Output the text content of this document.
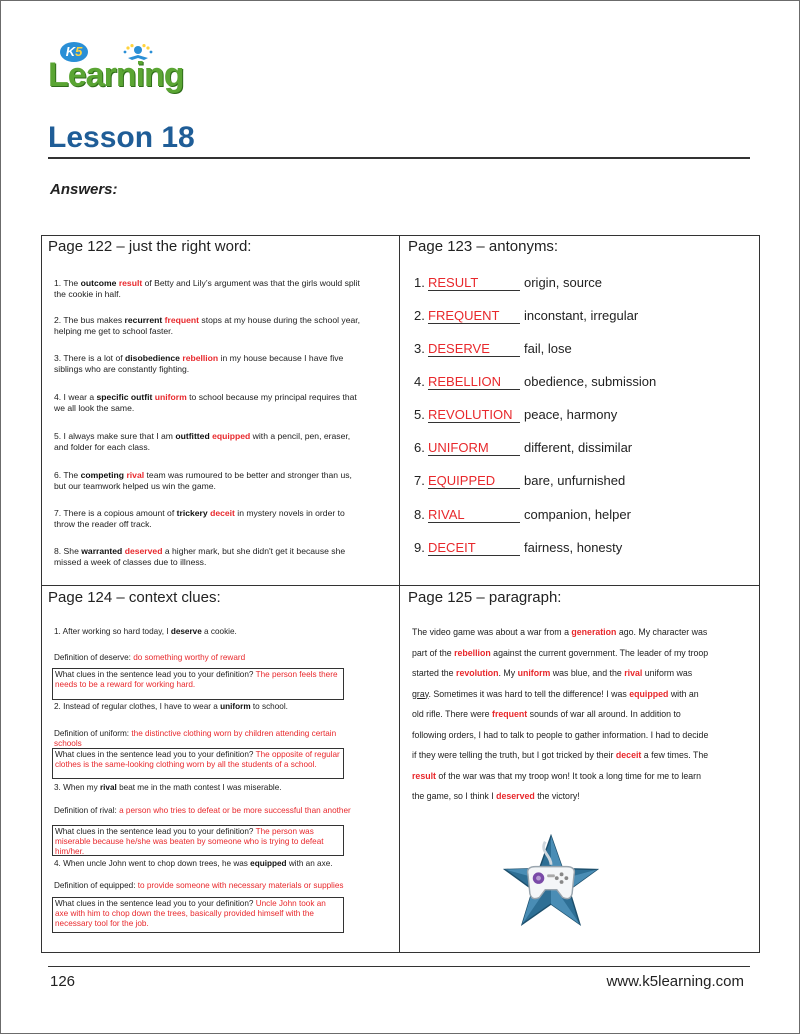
K5
Learning
Lesson 18
Answers:
Page 122 – just the right word:	Page 123 – antonyms:
Page 124 – context clues:	Page 125 – paragraph:
1. The outcome result of Betty and Lily’s argument was that the girls would split the cookie in half.
2. The bus makes recurrent frequent stops at my house during the school year, helping me get to school faster.
3. There is a lot of disobedience rebellion in my house because I have five siblings who are constantly fighting.
4. I wear a specific outfit uniform to school because my principal requires that we all look the same.
5. I always make sure that I am outfitted equipped with a pencil, pen, eraser, and folder for each class.
6. The competing rival team was rumoured to be better and stronger than us, but our teamwork helped us win the game.
7. There is a copious amount of trickery deceit in mystery novels in order to throw the reader off track.
8. She warranted deserved a higher mark, but she didn't get it because she missed a week of classes due to illness.
1. RESULT	origin, source
2. FREQUENT inconstant, irregular
3. DESERVE	fail, lose
4. REBELLION obedience, submission
5. REVOLUTION peace, harmony
6. UNIFORM	different, dissimilar
7. EQUIPPED bare, unfurnished
8. RIVAL	companion, helper
9. DECEIT	fairness, honesty
1. After working so hard today, I deserve a cookie.
Definition of deserve: do something worthy of reward
What clues in the sentence lead you to your definition? The person feels there needs to be a reward for working hard.
2. Instead of regular clothes, I have to wear a uniform to school.
Definition of uniform: the distinctive clothing worn by children attending certain schools
What clues in the sentence lead you to your definition? The opposite of regular clothes is the same-looking clothing worn by all the students of a school.
3. When my rival beat me in the math contest I was miserable.
Definition of rival: a person who tries to defeat or be more successful than another
What clues in the sentence lead you to your definition? The person was miserable because he/she was beaten by someone who is trying to defeat him/her.
4. When uncle John went to chop down trees, he was equipped with an axe.
Definition of equipped: to provide someone with necessary materials or supplies
What clues in the sentence lead you to your definition? Uncle John took an axe with him to chop down the trees, basically provided himself with the necessary tool for the job.
The video game was about a war from a generation ago. My character was part of the rebellion against the current government. The leader of my troop started the revolution. My uniform was blue, and the rival uniform was gray. Sometimes it was hard to tell the difference! I was equipped with an old rifle. There were frequent sounds of war all around. In addition to following orders, I had to talk to people to gather information. I had to decide if they were telling the truth, but I got tricked by their deceit a few times. The result of the war was that my troop won! It took a long time for me to learn the game, so I think I deserved the victory!
126	www.k5learning.com
